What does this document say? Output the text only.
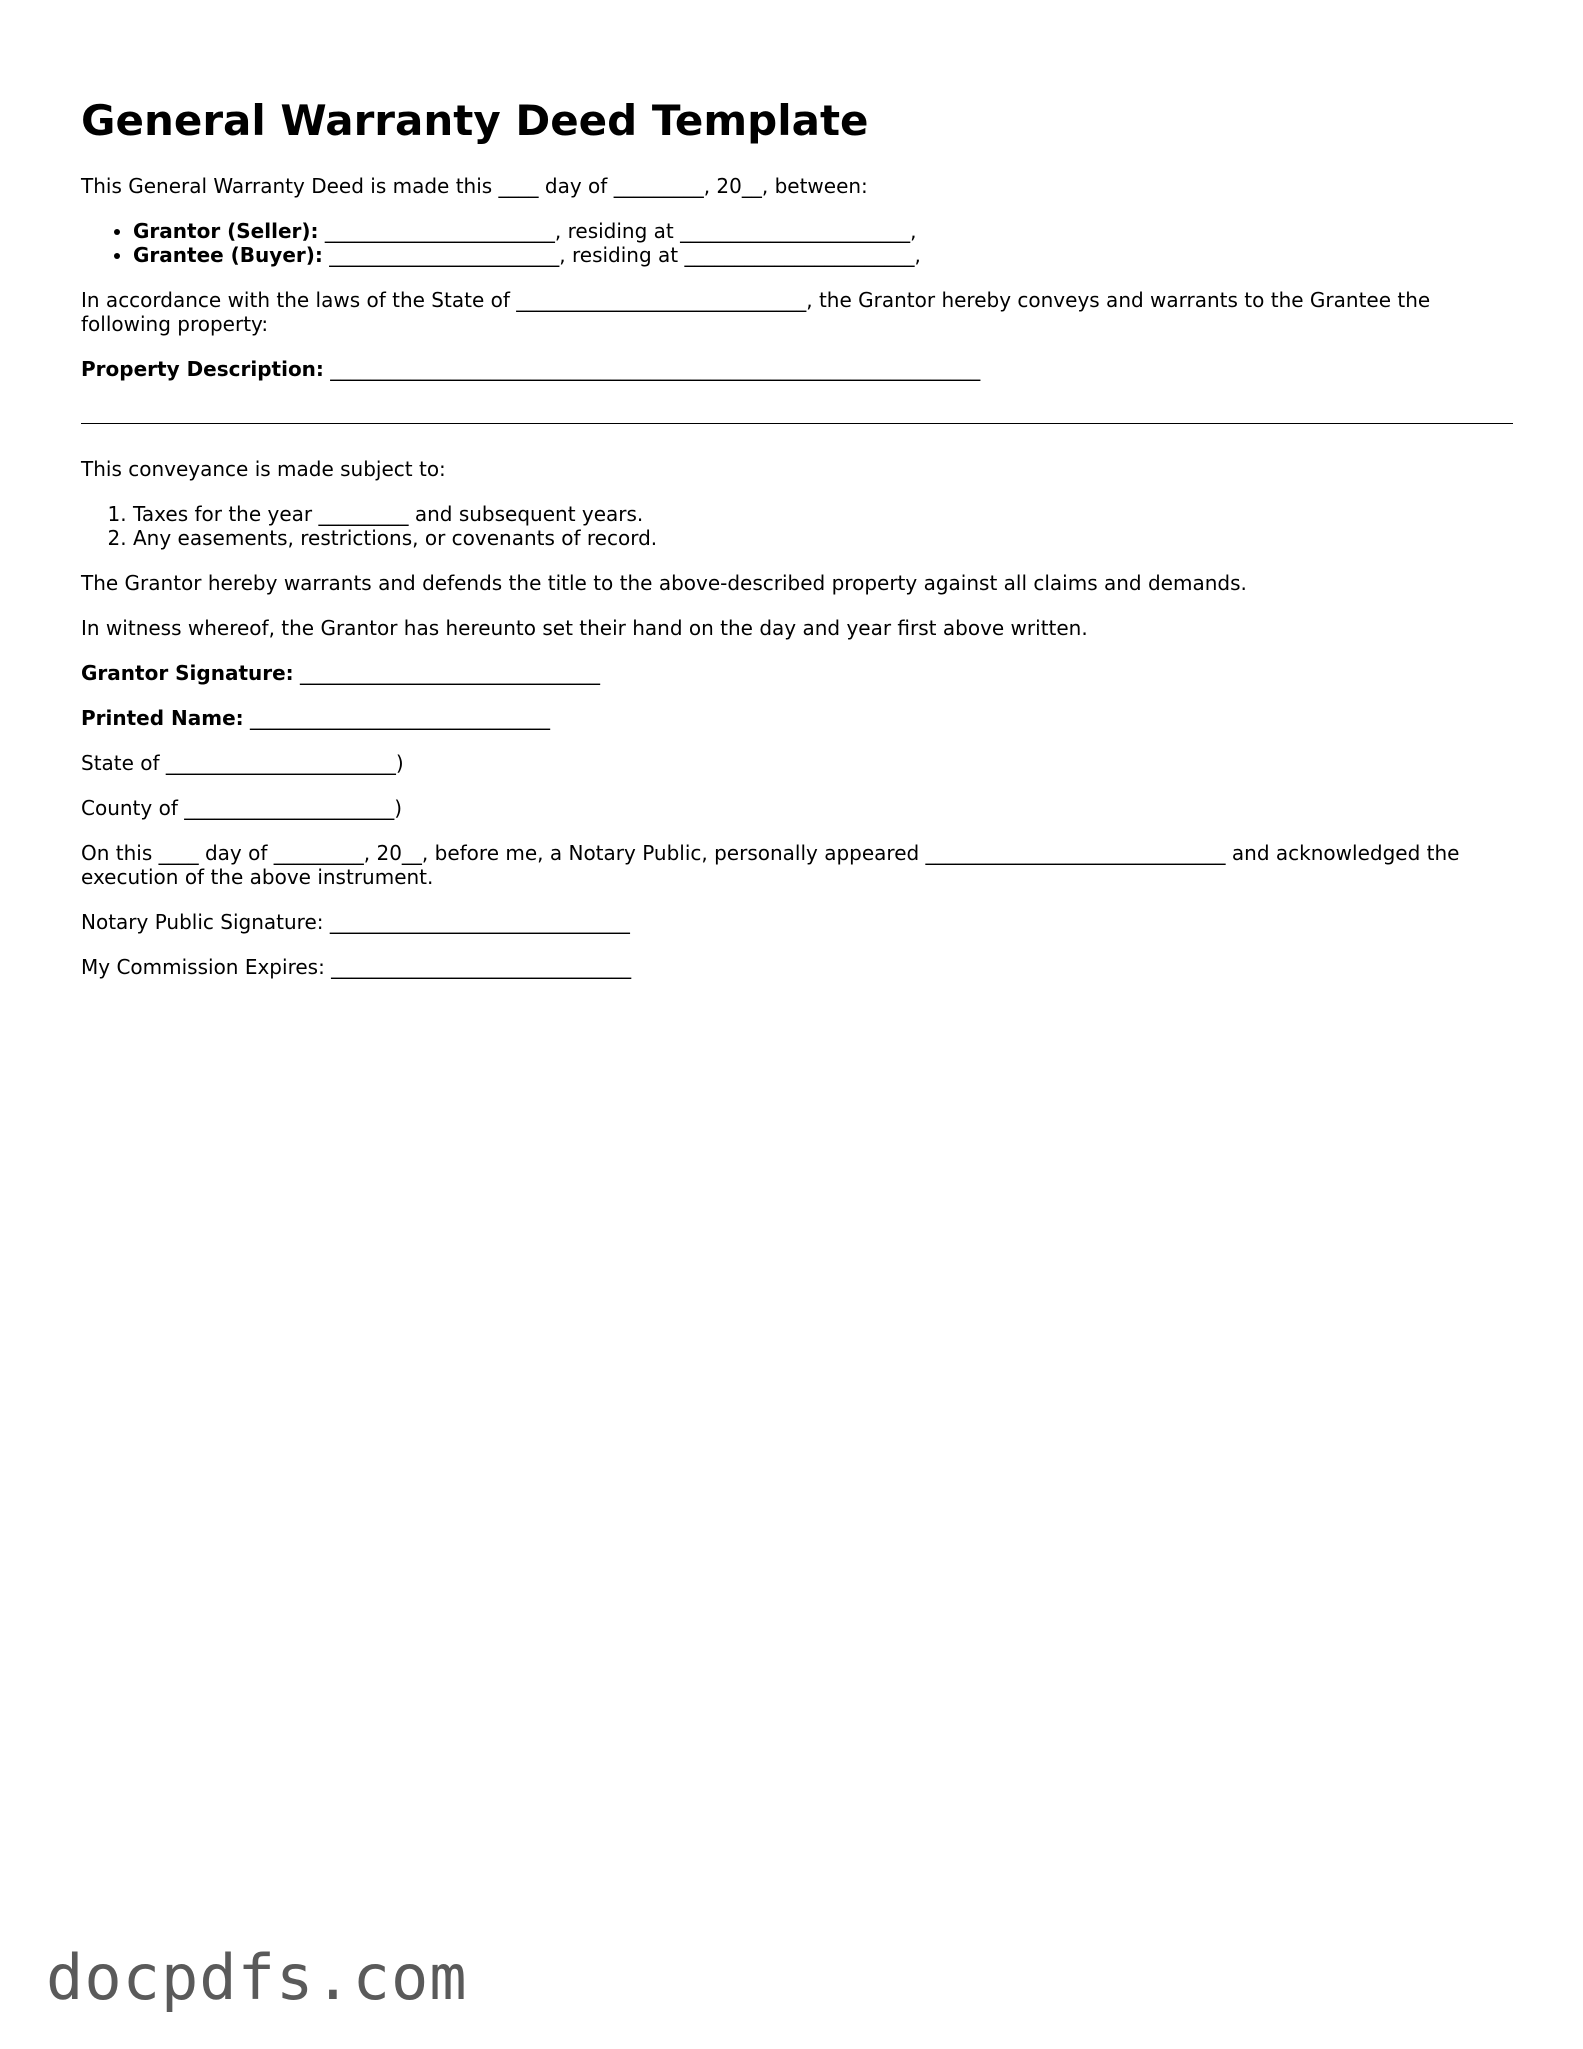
General Warranty Deed Template

This General Warranty Deed is made this ____ day of _________, 20__, between:

• Grantor (Seller): _______________________, residing at _______________________,
• Grantee (Buyer): _______________________, residing at _______________________,

In accordance with the laws of the State of _____________________________, the Grantor hereby conveys and warrants to the Grantee the following property:

Property Description: _________________________________________________________________

This conveyance is made subject to:

1. Taxes for the year _________ and subsequent years.
2. Any easements, restrictions, or covenants of record.

The Grantor hereby warrants and defends the title to the above-described property against all claims and demands.

In witness whereof, the Grantor has hereunto set their hand on the day and year first above written.

Grantor Signature: ______________________________

Printed Name: ______________________________

State of _______________________)

County of _____________________)

On this ____ day of _________, 20__, before me, a Notary Public, personally appeared ______________________________ and acknowledged the execution of the above instrument.

Notary Public Signature: ______________________________

My Commission Expires: ______________________________

docpdfs.com
